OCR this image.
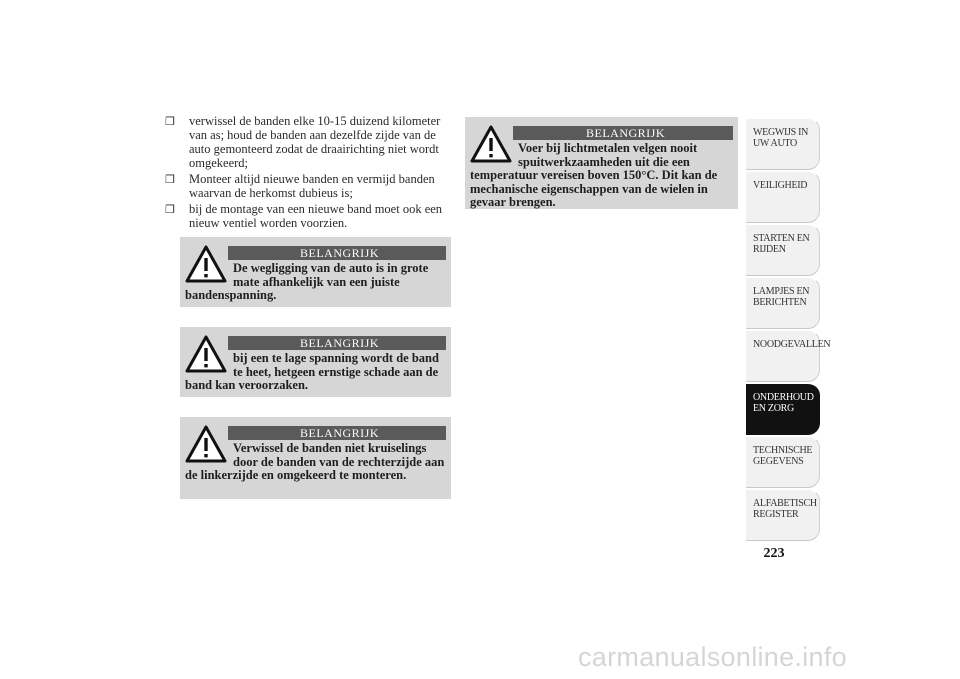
❒ verwissel de banden elke 10-15 duizend kilometer van as; houd de banden aan dezelfde zijde van de auto gemonteerd zodat de draairichting niet wordt omgekeerd;
❒ Monteer altijd nieuwe banden en vermijd banden waarvan de herkomst dubieus is;
❒ bij de montage van een nieuwe band moet ook een nieuw ventiel worden voorzien.
BELANGRIJK
De wegligging van de auto is in grote mate afhankelijk van een juiste bandenspanning.
BELANGRIJK
bij een te lage spanning wordt de band te heet, hetgeen ernstige schade aan de band kan veroorzaken.
BELANGRIJK
Verwissel de banden niet kruiselings door de banden van de rechterzijde aan de linkerzijde en omgekeerd te monteren.
BELANGRIJK
Voer bij lichtmetalen velgen nooit spuitwerkzaamheden uit die een temperatuur vereisen boven 150°C. Dit kan de mechanische eigenschappen van de wielen in gevaar brengen.
WEGWIJS IN UW AUTO
VEILIGHEID
STARTEN EN RIJDEN
LAMPJES EN BERICHTEN
NOODGEVALLEN
ONDERHOUD EN ZORG
TECHNISCHE GEGEVENS
ALFABETISCH REGISTER
223
carmanualsonline.info
